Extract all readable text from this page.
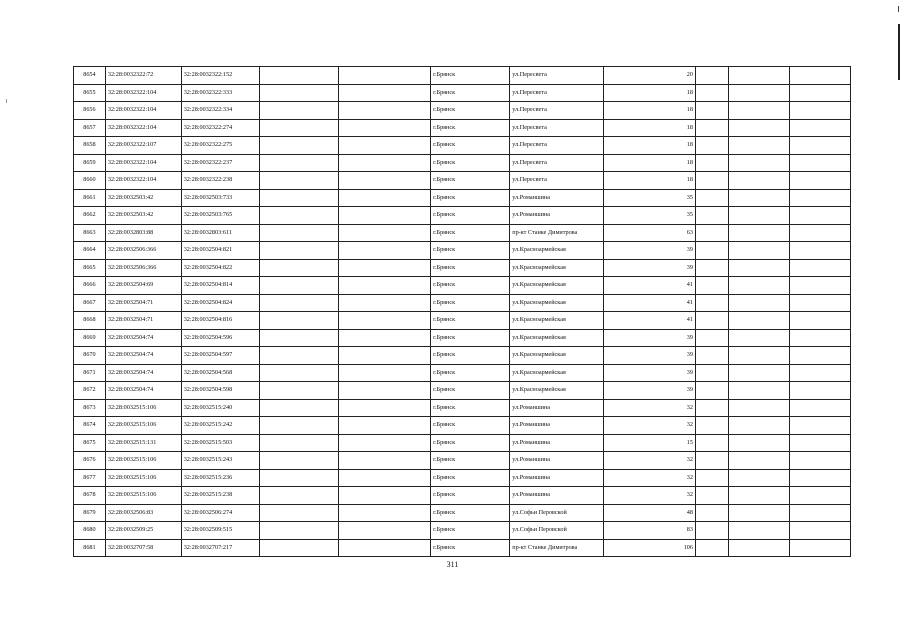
8654	32:28:0032322:72	32:28:0032322:152			г.Брянск	ул.Пересвета	20			
8655	32:28:0032322:104	32:28:0032322:333			г.Брянск	ул.Пересвета	18			
8656	32:28:0032322:104	32:28:0032322:334			г.Брянск	ул.Пересвета	18			
8657	32:28:0032322:104	32:28:0032322:274			г.Брянск	ул.Пересвета	18			
8658	32:28:0032322:107	32:28:0032322:275			г.Брянск	ул.Пересвета	18			
8659	32:28:0032322:104	32:28:0032322:237			г.Брянск	ул.Пересвета	18			
8660	32:28:0032322:104	32:28:0032322:238			г.Брянск	ул.Пересвета	18			
8661	32:28:0032503:42	32:28:0032503:733			г.Брянск	ул.Романшина	35			
8662	32:28:0032503:42	32:28:0032503:765			г.Брянск	ул.Романшина	35			
8663	32:28:0032803:88	32:28:0032803:611			г.Брянск	пр-кт Станке Димитрова	63			
8664	32:28:0032506:366	32:28:0032504:821			г.Брянск	ул.Красноармейская	39			
8665	32:28:0032506:366	32:28:0032504:822			г.Брянск	ул.Красноармейская	39			
8666	32:28:0032504:69	32:28:0032504:814			г.Брянск	ул.Красноармейская	41			
8667	32:28:0032504:71	32:28:0032504:824			г.Брянск	ул.Красноармейская	41			
8668	32:28:0032504:71	32:28:0032504:816			г.Брянск	ул.Красноармейская	41			
8669	32:28:0032504:74	32:28:0032504:596			г.Брянск	ул.Красноармейская	39			
8670	32:28:0032504:74	32:28:0032504:597			г.Брянск	ул.Красноармейская	39			
8671	32:28:0032504:74	32:28:0032504:568			г.Брянск	ул.Красноармейская	39			
8672	32:28:0032504:74	32:28:0032504:598			г.Брянск	ул.Красноармейская	39			
8673	32:28:0032515:106	32:28:0032515:240			г.Брянск	ул.Романшина	32			
8674	32:28:0032515:106	32:28:0032515:242			г.Брянск	ул.Романшина	32			
8675	32:28:0032515:131	32:28:0032515:503			г.Брянск	ул.Романшина	15			
8676	32:28:0032515:106	32:28:0032515:243			г.Брянск	ул.Романшина	32			
8677	32:28:0032515:106	32:28:0032515:236			г.Брянск	ул.Романшина	32			
8678	32:28:0032515:106	32:28:0032515:238			г.Брянск	ул.Романшина	32			
8679	32:28:0032506:83	32:28:0032506:274			г.Брянск	ул.Софьи Перовской	48			
8680	32:28:0032509:25	32:28:0032509:515			г.Брянск	ул.Софьи Перовской	83			
8681	32:28:0032707:58	32:28:0032707:217			г.Брянск	пр-кт Станке Димитрова	106			
311
